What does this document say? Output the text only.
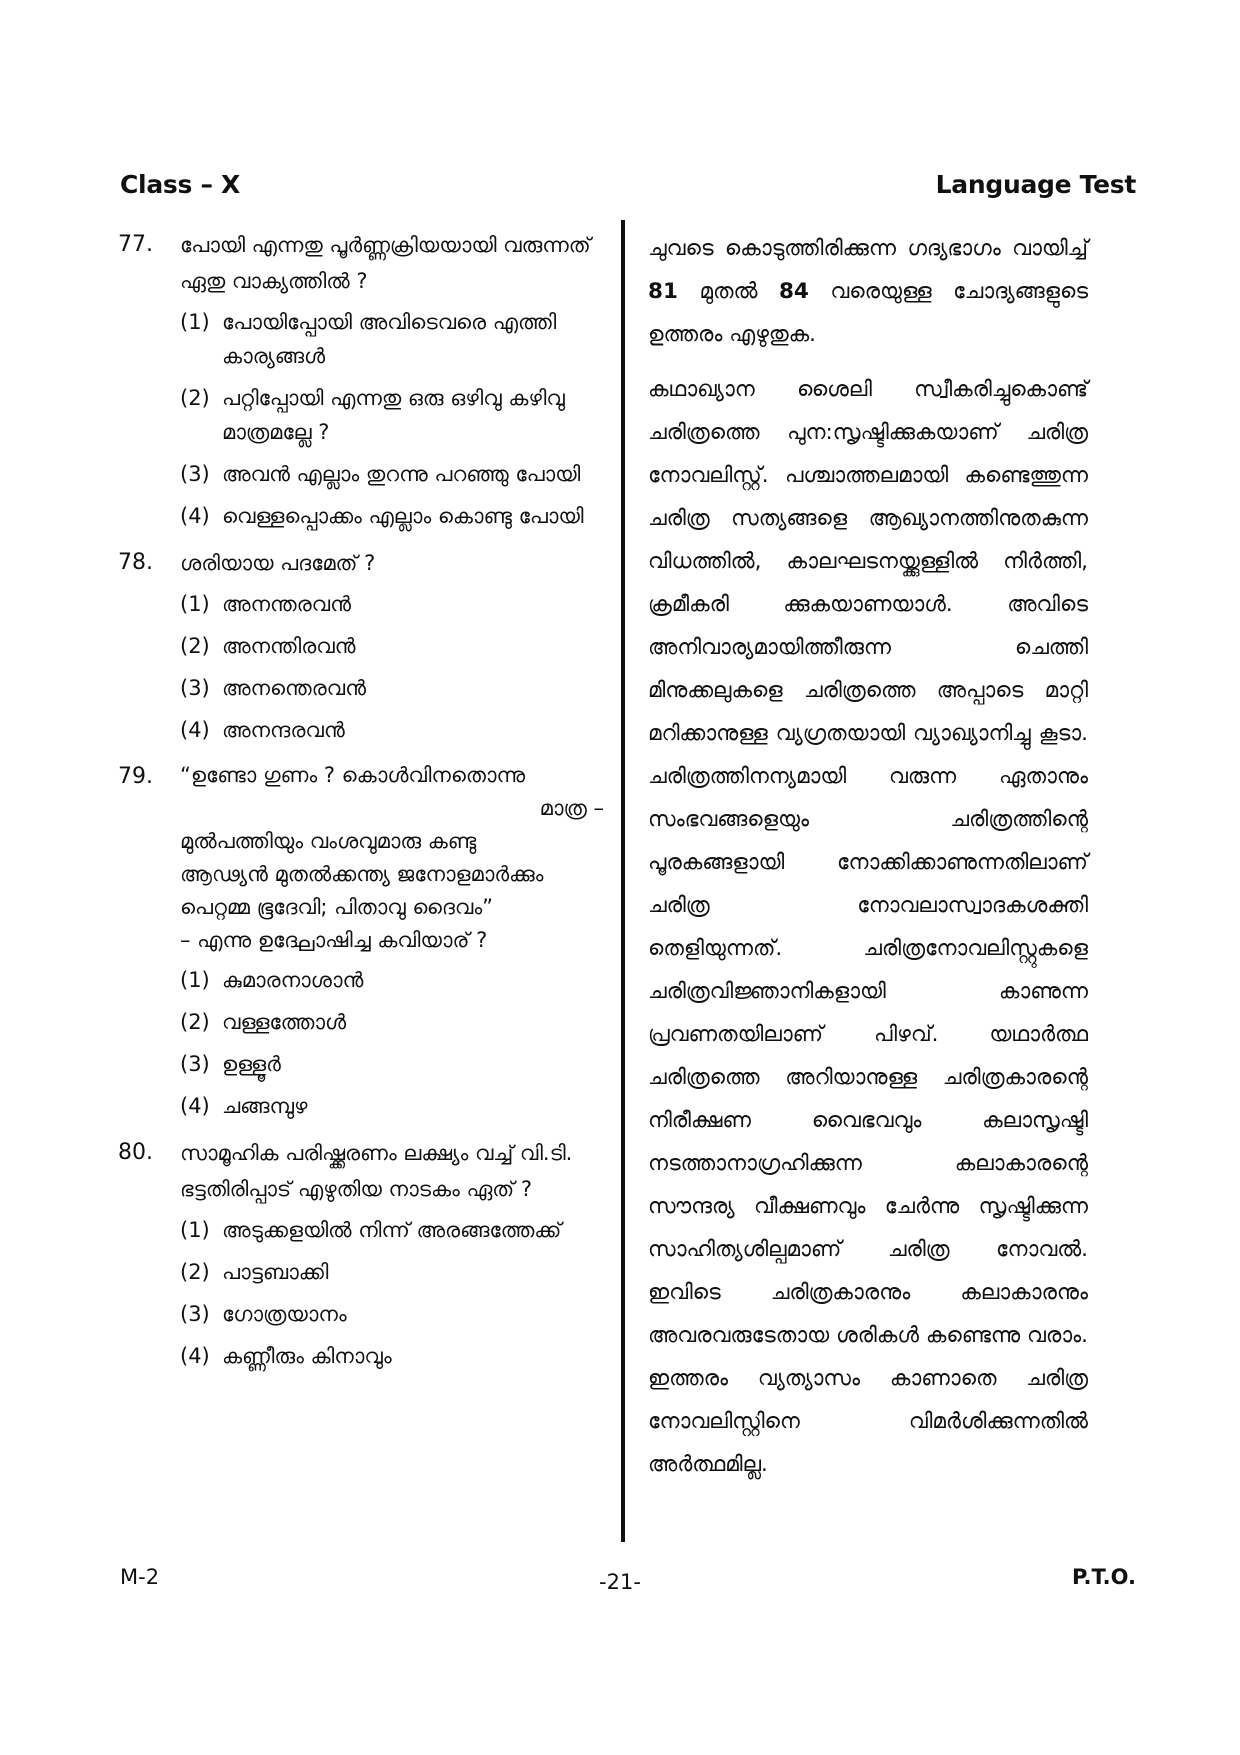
Class – X	Language Test
77. പോയി എന്നതു പൂർണ്ണക്രിയയായി വരുന്നത് ഏതു വാക്യത്തിൽ ?
(1) പോയിപ്പോയി അവിടെവരെ എത്തി കാര്യങ്ങൾ
(2) പറ്റിപ്പോയി എന്നതു ഒരു ഒഴിവു കഴിവു മാത്രമല്ലേ ?
(3) അവൻ എല്ലാം തുറന്നു പറഞ്ഞു പോയി
(4) വെള്ളപ്പൊക്കം എല്ലാം കൊണ്ടു പോയി
78. ശരിയായ പദമേത് ?
(1) അനന്തരവൻ
(2) അനന്തിരവൻ
(3) അനന്തെരവൻ
(4) അനന്ദരവൻ
79. “ഉണ്ടോ ഗുണം ? കൊൾവിനതൊന്നു
മാത്ര –
മുൽപത്തിയും വംശവുമാരു കണ്ടു
ആഢ്യൻ മുതൽക്കന്ത്യ ജനോളമാർക്കും
പെറ്റമ്മ ഭൂദേവി; പിതാവു ദൈവം”
– എന്നു ഉദ്ഘോഷിച്ച കവിയാര് ?
(1) കുമാരനാശാൻ
(2) വള്ളത്തോൾ
(3) ഉള്ളൂർ
(4) ചങ്ങമ്പുഴ
80. സാമൂഹിക പരിഷ്ക്കരണം ലക്ഷ്യം വച്ച് വി.ടി. ഭട്ടതിരിപ്പാട് എഴുതിയ നാടകം ഏത് ?
(1) അടുക്കളയിൽ നിന്ന് അരങ്ങത്തേക്ക്
(2) പാട്ടബാക്കി
(3) ഗോത്രയാനം
(4) കണ്ണീരും കിനാവും

ചുവടെ കൊടുത്തിരിക്കുന്ന ഗദ്യഭാഗം വായിച്ച് 81 മുതൽ 84 വരെയുള്ള ചോദ്യങ്ങളുടെ ഉത്തരം എഴുതുക.

കഥാഖ്യാന ശൈലി സ്വീകരിച്ചുകൊണ്ട് ചരിത്രത്തെ പുന:സൃഷ്ടിക്കുകയാണ് ചരിത്ര നോവലിസ്റ്റ്. പശ്ചാത്തലമായി കണ്ടെത്തുന്ന ചരിത്ര സത്യങ്ങളെ ആഖ്യാനത്തിനുതകുന്ന വിധത്തിൽ, കാലഘടനയ്ക്കുള്ളിൽ നിർത്തി, ക്രമീകരി ക്കുകയാണയാൾ. അവിടെ അനിവാര്യമായിത്തീരുന്ന ചെത്തി മിനുക്കലുകളെ ചരിത്രത്തെ അപ്പാടെ മാറ്റി മറിക്കാനുള്ള വ്യഗ്രതയായി വ്യാഖ്യാനിച്ചു കൂടാ. ചരിത്രത്തിനന്യമായി വരുന്ന ഏതാനും സംഭവങ്ങളെയും ചരിത്രത്തിന്റെ പൂരകങ്ങളായി നോക്കിക്കാണുന്നതിലാണ് ചരിത്ര നോവലാസ്വാദകശക്തി തെളിയുന്നത്. ചരിത്രനോവലിസ്റ്റുകളെ ചരിത്രവിജ്ഞാനികളായി കാണുന്ന പ്രവണതയിലാണ് പിഴവ്. യഥാർത്ഥ ചരിത്രത്തെ അറിയാനുള്ള ചരിത്രകാരന്റെ നിരീക്ഷണ വൈഭവവും കലാസൃഷ്ടി നടത്താനാഗ്രഹിക്കുന്ന കലാകാരന്റെ സൗന്ദര്യ വീക്ഷണവും ചേർന്നു സൃഷ്ടിക്കുന്ന സാഹിത്യശില്പമാണ് ചരിത്ര നോവൽ. ഇവിടെ ചരിത്രകാരനും കലാകാരനും അവരവരുടേതായ ശരികൾ കണ്ടെന്നു വരാം. ഇത്തരം വ്യത്യാസം കാണാതെ ചരിത്ര നോവലിസ്റ്റിനെ വിമർശിക്കുന്നതിൽ അർത്ഥമില്ല.

M-2	-21-	P.T.O.
